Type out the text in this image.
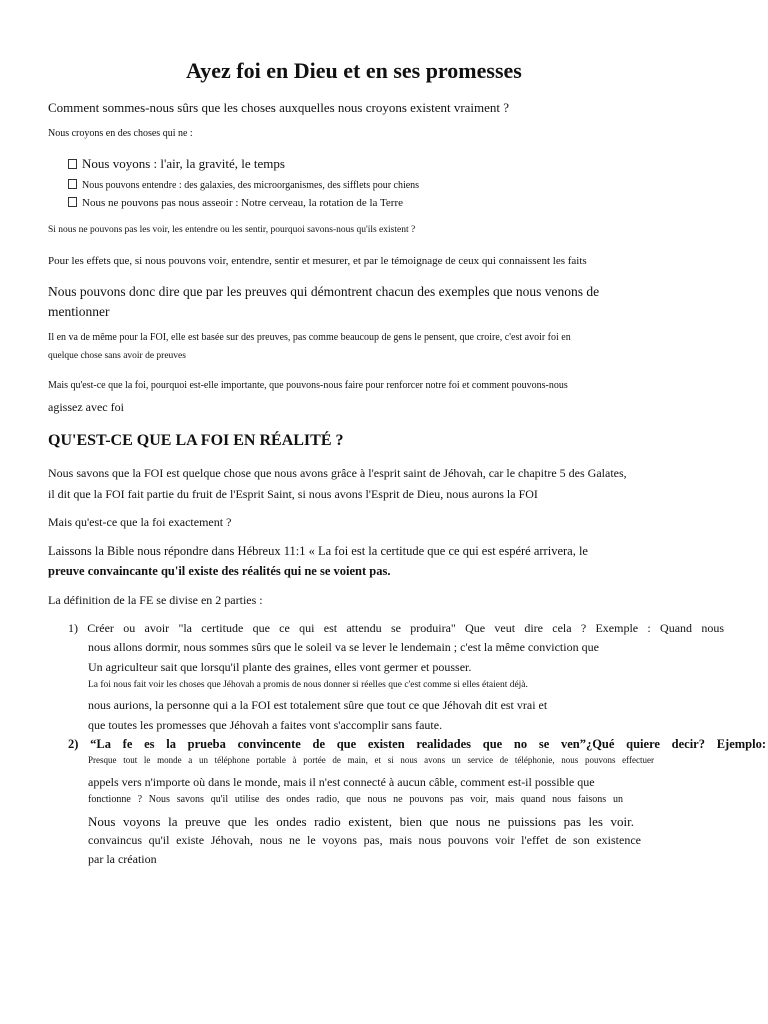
Ayez foi en Dieu et en ses promesses
Comment sommes-nous sûrs que les choses auxquelles nous croyons existent vraiment ?
Nous croyons en des choses qui ne :
Nous voyons : l'air, la gravité, le temps
Nous pouvons entendre : des galaxies, des microorganismes, des sifflets pour chiens
Nous ne pouvons pas nous asseoir : Notre cerveau, la rotation de la Terre
Si nous ne pouvons pas les voir, les entendre ou les sentir, pourquoi savons-nous qu'ils existent ?
Pour les effets que, si nous pouvons voir, entendre, sentir et mesurer, et par le témoignage de ceux qui connaissent les faits
Nous pouvons donc dire que par les preuves qui démontrent chacun des exemples que nous venons de
mentionner
Il en va de même pour la FOI, elle est basée sur des preuves, pas comme beaucoup de gens le pensent, que croire, c'est avoir foi en
quelque chose sans avoir de preuves
Mais qu'est-ce que la foi, pourquoi est-elle importante, que pouvons-nous faire pour renforcer notre foi et comment pouvons-nous
agissez avec foi
QU'EST-CE QUE LA FOI EN RÉALITÉ ?
Nous savons que la FOI est quelque chose que nous avons grâce à l'esprit saint de Jéhovah, car le chapitre 5 des Galates,
il dit que la FOI fait partie du fruit de l'Esprit Saint, si nous avons l'Esprit de Dieu, nous aurons la FOI
Mais qu'est-ce que la foi exactement ?
Laissons la Bible nous répondre dans Hébreux 11:1 « La foi est la certitude que ce qui est espéré arrivera, le
preuve convaincante qu'il existe des réalités qui ne se voient pas.
La définition de la FE se divise en 2 parties :
1) Créer ou avoir "la certitude que ce qui est attendu se produira" Que veut dire cela ? Exemple : Quand nous
nous allons dormir, nous sommes sûrs que le soleil va se lever le lendemain ; c'est la même conviction que
Un agriculteur sait que lorsqu'il plante des graines, elles vont germer et pousser.
La foi nous fait voir les choses que Jéhovah a promis de nous donner si réelles que c'est comme si elles étaient déjà.
nous aurions, la personne qui a la FOI est totalement sûre que tout ce que Jéhovah dit est vrai et
que toutes les promesses que Jéhovah a faites vont s'accomplir sans faute.
2) “La fe es la prueba convincente de que existen realidades que no se ven”¿Qué quiere decir? Ejemplo:
Presque tout le monde a un téléphone portable à portée de main, et si nous avons un service de téléphonie, nous pouvons effectuer
appels vers n'importe où dans le monde, mais il n'est connecté à aucun câble, comment est-il possible que
fonctionne ? Nous savons qu'il utilise des ondes radio, que nous ne pouvons pas voir, mais quand nous faisons un
Nous voyons la preuve que les ondes radio existent, bien que nous ne puissions pas les voir.
convaincus qu'il existe Jéhovah, nous ne le voyons pas, mais nous pouvons voir l'effet de son existence
par la création
